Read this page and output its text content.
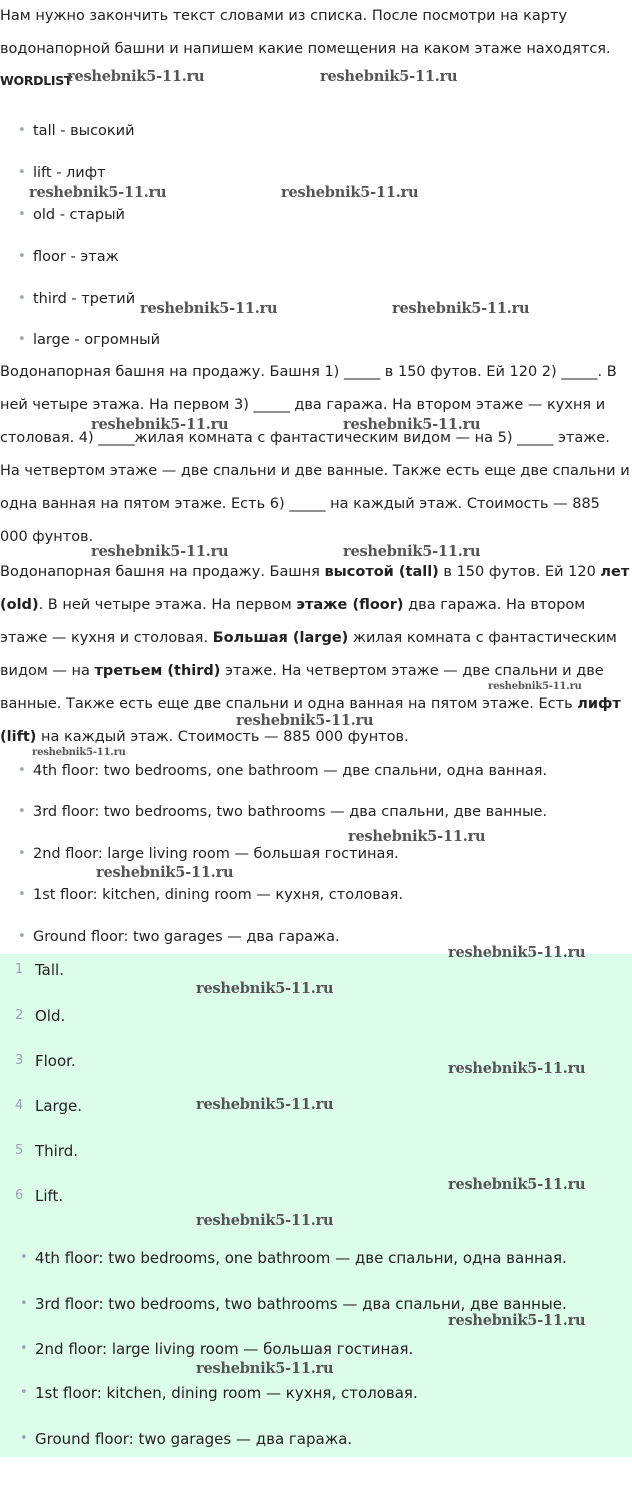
Нам нужно закончить текст словами из списка. После посмотри на карту водонапорной башни и напишем какие помещения на каком этаже находятся.

WORDLIST
• tall - высокий
• lift - лифт
• old - старый
• floor - этаж
• third - третий
• large - огромный

Водонапорная башня на продажу. Башня 1) _____ в 150 футов. Ей 120 2) _____. В ней четыре этажа. На первом 3) _____ два гаража. На втором этаже — кухня и столовая. 4) _____жилая комната с фантастическим видом — на 5) _____ этаже. На четвертом этаже — две спальни и две ванные. Также есть еще две спальни и одна ванная на пятом этаже. Есть 6) _____ на каждый этаж. Стоимость — 885 000 фунтов.

Водонапорная башня на продажу. Башня высотой (tall) в 150 футов. Ей 120 лет (old). В ней четыре этажа. На первом этаже (floor) два гаража. На втором этаже — кухня и столовая. Большая (large) жилая комната с фантастическим видом — на третьем (third) этаже. На четвертом этаже — две спальни и две ванные. Также есть еще две спальни и одна ванная на пятом этаже. Есть лифт (lift) на каждый этаж. Стоимость — 885 000 фунтов.

• 4th floor: two bedrooms, one bathroom — две спальни, одна ванная.
• 3rd floor: two bedrooms, two bathrooms — два спальни, две ванные.
• 2nd floor: large living room — большая гостиная.
• 1st floor: kitchen, dining room — кухня, столовая.
• Ground floor: two garages — два гаража.
1 Tall.
2 Old.
3 Floor.
4 Large.
5 Third.
6 Lift.
• 4th floor: two bedrooms, one bathroom — две спальни, одна ванная.
• 3rd floor: two bedrooms, two bathrooms — два спальни, две ванные.
• 2nd floor: large living room — большая гостиная.
• 1st floor: kitchen, dining room — кухня, столовая.
• Ground floor: two garages — два гаража.
reshebnik5-11.ru	reshebnik5-11.ru
reshebnik5-11.ru	reshebnik5-11.ru
reshebnik5-11.ru	reshebnik5-11.ru
reshebnik5-11.ru	reshebnik5-11.ru
reshebnik5-11.ru	reshebnik5-11.ru
reshebnik5-11.ru
reshebnik5-11.ru
reshebnik5-11.ru
reshebnik5-11.ru
reshebnik5-11.ru
reshebnik5-11.ru
reshebnik5-11.ru
reshebnik5-11.ru
reshebnik5-11.ru
reshebnik5-11.ru
reshebnik5-11.ru
reshebnik5-11.ru
reshebnik5-11.ru
